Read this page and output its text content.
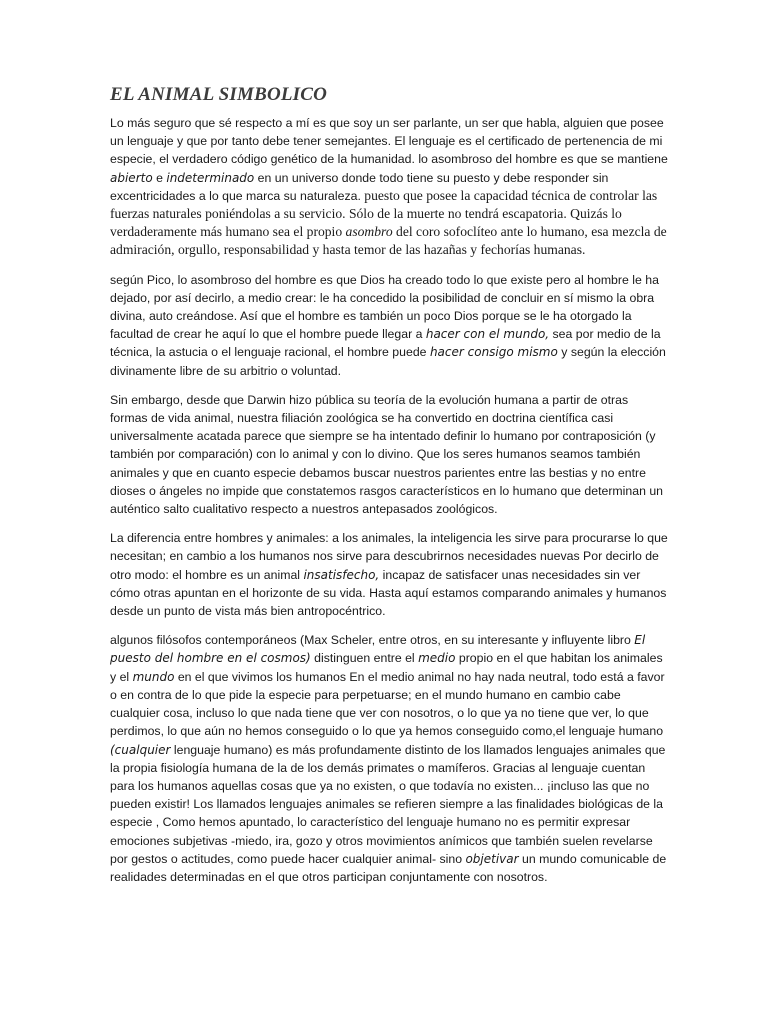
EL ANIMAL SIMBOLICO

Lo más seguro que sé respecto a mí es que soy un ser parlante, un ser que habla, alguien que posee un lenguaje y que por tanto debe tener semejantes. El lenguaje es el certificado de pertenencia de mi especie, el verdadero código genético de la humanidad. lo asombroso del hombre es que se mantiene abierto e indeterminado en un universo donde todo tiene su puesto y debe responder sin excentricidades a lo que marca su naturaleza. puesto que posee la capacidad técnica de controlar las fuerzas naturales poniéndolas a su servicio. Sólo de la muerte no tendrá escapatoria. Quizás lo verdaderamente más humano sea el propio asombro del coro sofoclíteo ante lo humano, esa mezcla de admiración, orgullo, responsabilidad y hasta temor de las hazañas y fechorías humanas.

según Pico, lo asombroso del hombre es que Dios ha creado todo lo que existe pero al hombre le ha dejado, por así decirlo, a medio crear: le ha concedido la posibilidad de concluir en sí mismo la obra divina, auto creándose. Así que el hombre es también un poco Dios porque se le ha otorgado la facultad de crear he aquí lo que el hombre puede llegar a hacer con el mundo, sea por medio de la técnica, la astucia o el lenguaje racional, el hombre puede hacer consigo mismo y según la elección divinamente libre de su arbitrio o voluntad.

Sin embargo, desde que Darwin hizo pública su teoría de la evolución humana a partir de otras formas de vida animal, nuestra filiación zoológica se ha convertido en doctrina científica casi universalmente acatada parece que siempre se ha intentado definir lo humano por contraposición (y también por comparación) con lo animal y con lo divino. Que los seres humanos seamos también animales y que en cuanto especie debamos buscar nuestros parientes entre las bestias y no entre dioses o ángeles no impide que constatemos rasgos característicos en lo humano que determinan un auténtico salto cualitativo respecto a nuestros antepasados zoológicos.

La diferencia entre hombres y animales: a los animales, la inteligencia les sirve para procurarse lo que necesitan; en cambio a los humanos nos sirve para descubrirnos necesidades nuevas Por decirlo de otro modo: el hombre es un animal insatisfecho, incapaz de satisfacer unas necesidades sin ver cómo otras apuntan en el horizonte de su vida. Hasta aquí estamos comparando animales y humanos desde un punto de vista más bien antropocéntrico.

algunos filósofos contemporáneos (Max Scheler, entre otros, en su interesante y influyente libro El puesto del hombre en el cosmos) distinguen entre el medio propio en el que habitan los animales y el mundo en el que vivimos los humanos En el medio animal no hay nada neutral, todo está a favor o en contra de lo que pide la especie para perpetuarse; en el mundo humano en cambio cabe cualquier cosa, incluso lo que nada tiene que ver con nosotros, o lo que ya no tiene que ver, lo que perdimos, lo que aún no hemos conseguido o lo que ya hemos conseguido como,el lenguaje humano (cualquier lenguaje humano) es más profundamente distinto de los llamados lenguajes animales que la propia fisiología humana de la de los demás primates o mamíferos. Gracias al lenguaje cuentan para los humanos aquellas cosas que ya no existen, o que todavía no existen... ¡incluso las que no pueden existir! Los llamados lenguajes animales se refieren siempre a las finalidades biológicas de la especie , Como hemos apuntado, lo característico del lenguaje humano no es permitir expresar emociones subjetivas -miedo, ira, gozo y otros movimientos anímicos que también suelen revelarse por gestos o actitudes, como puede hacer cualquier animal- sino objetivar un mundo comunicable de realidades determinadas en el que otros participan conjuntamente con nosotros.
